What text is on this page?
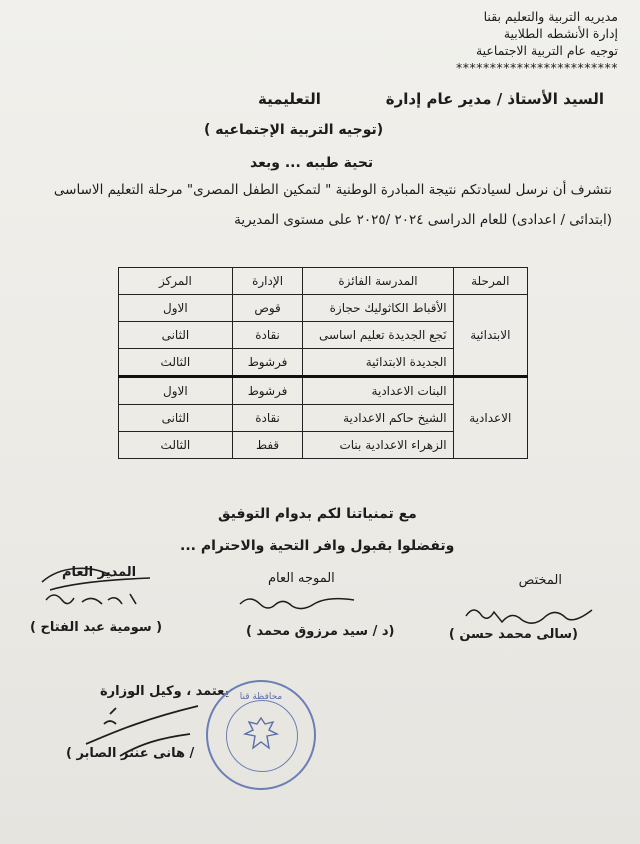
مديريه التربية والتعليم بقنا
إدارة الأنشطه الطلابية
توجيه عام التربية الاجتماعية
************************
السيد الأستاذ / مدير عام إدارة
التعليمية
(توجيه التربية الإجتماعيه )
تحية طيبه ... وبعد
نتشرف أن نرسل لسيادتكم نتيجة المبادرة الوطنية " لتمكين الطفل المصرى" مرحلة التعليم الاساسى
(ابتدائى / اعدادى) للعام الدراسى ٢٠٢٤ /٢٠٢٥ على مستوى المديرية
المرحلة	المدرسة الفائزة	الإدارة	المركز
الابتدائية	الأقباط الكاثوليك حجازة	قوص	الاول
	نَجع الجديدة تعليم اساسى	نقادة	الثانى
	الجديدة الابتدائية	فرشوط	الثالث
الاعدادية	البنات الاعدادية	فرشوط	الاول
	الشيخ حاكم الاعدادية	نقادة	الثانى
	الزهراء الاعدادية بنات	قفط	الثالث
مع تمنياتنا لكم بدوام التوفيق
وتفضلوا بقبول وافر التحية والاحترام ...
المدير العام	الموجه العام	المختص
( سومية عبد الفتاح )	(د / سيد مرزوق محمد )	(سالى محمد حسن )
يعتمد ، وكيل الوزارة
/ هانى عنتر الصابر )
محافظة قنا
